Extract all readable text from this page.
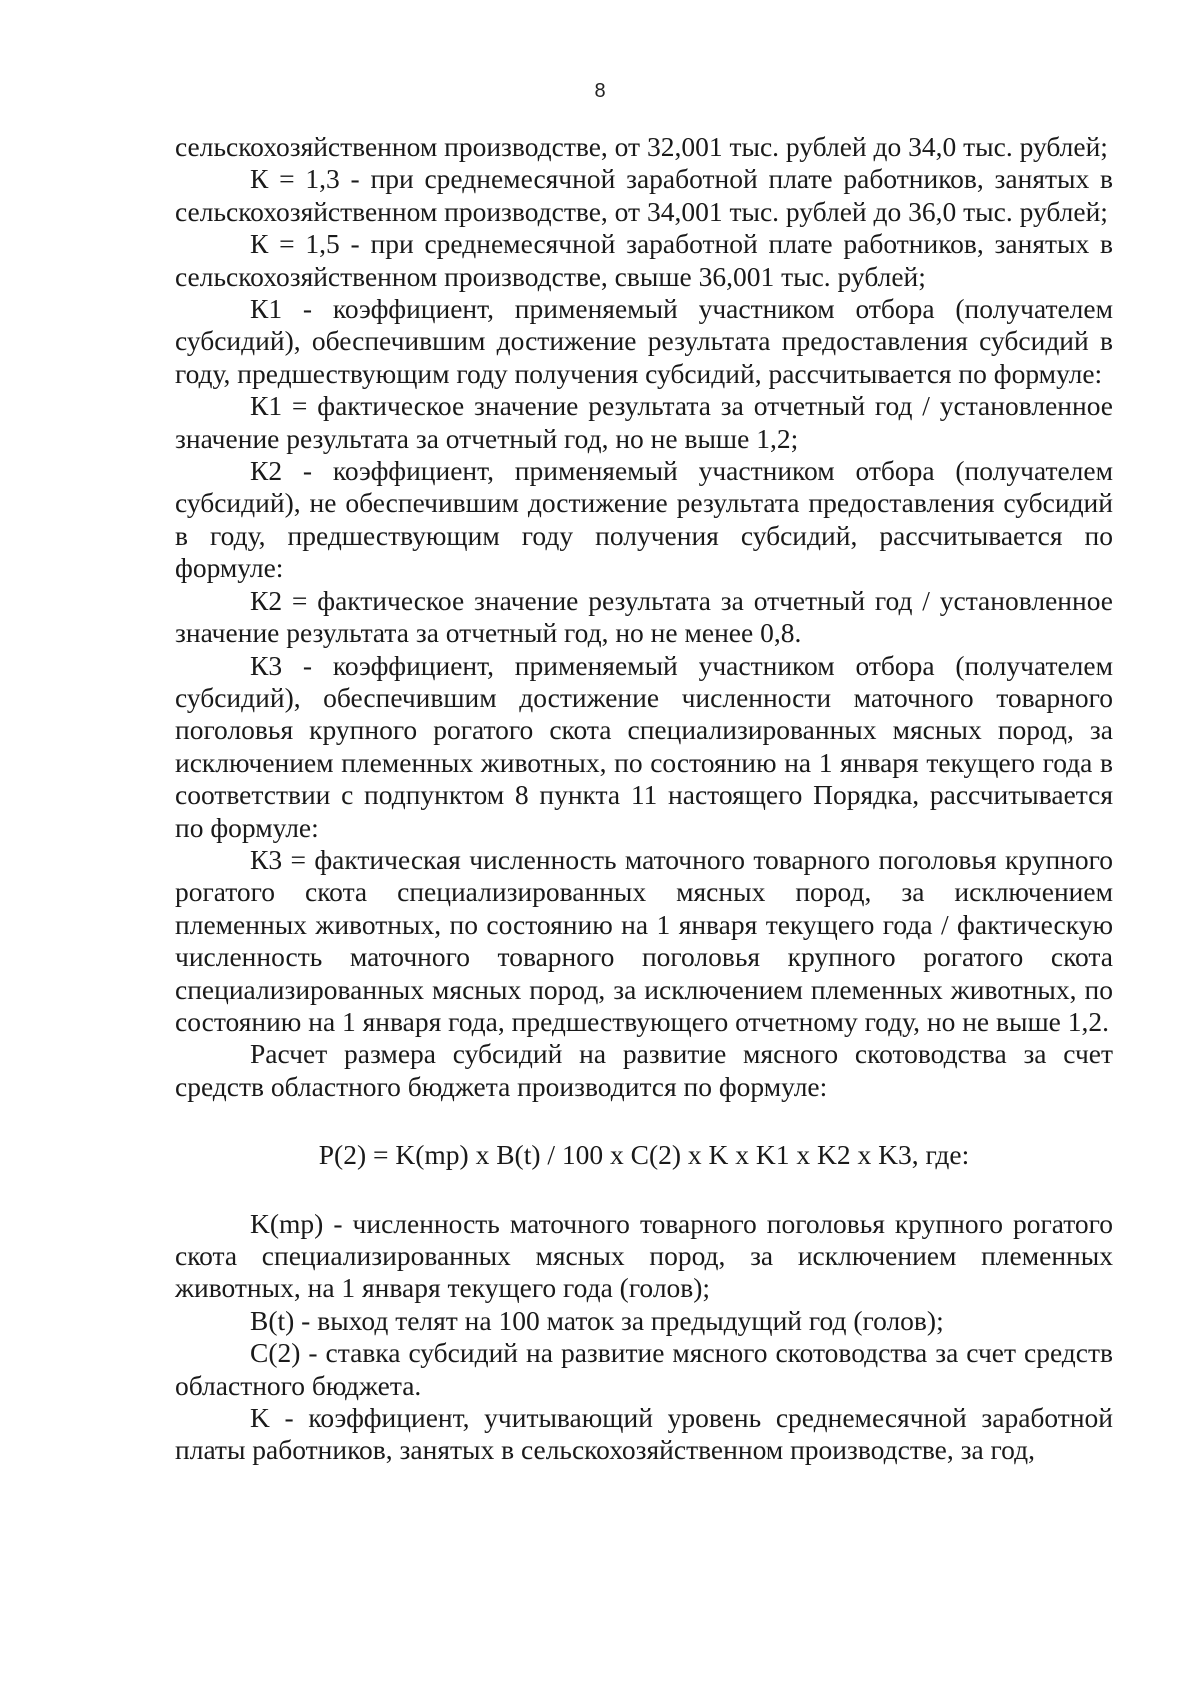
8

сельскохозяйственном производстве, от 32,001 тыс. рублей до 34,0 тыс. рублей;

К = 1,3 - при среднемесячной заработной плате работников, занятых в сельскохозяйственном производстве, от 34,001 тыс. рублей до 36,0 тыс. рублей;

К = 1,5 - при среднемесячной заработной плате работников, занятых в сельскохозяйственном производстве, свыше 36,001 тыс. рублей;

К1 - коэффициент, применяемый участником отбора (получателем субсидий), обеспечившим достижение результата предоставления субсидий в году, предшествующим году получения субсидий, рассчитывается по формуле:

К1 = фактическое значение результата за отчетный год / установленное значение результата за отчетный год, но не выше 1,2;

К2 - коэффициент, применяемый участником отбора (получателем субсидий), не обеспечившим достижение результата предоставления субсидий в году, предшествующим году получения субсидий, рассчитывается по формуле:

К2 = фактическое значение результата за отчетный год / установленное значение результата за отчетный год, но не менее 0,8.

К3 - коэффициент, применяемый участником отбора (получателем субсидий), обеспечившим достижение численности маточного товарного поголовья крупного рогатого скота специализированных мясных пород, за исключением племенных животных, по состоянию на 1 января текущего года в соответствии с подпунктом 8 пункта 11 настоящего Порядка, рассчитывается по формуле:

К3 = фактическая численность маточного товарного поголовья крупного рогатого скота специализированных мясных пород, за исключением племенных животных, по состоянию на 1 января текущего года / фактическую численность маточного товарного поголовья крупного рогатого скота специализированных мясных пород, за исключением племенных животных, по состоянию на 1 января года, предшествующего отчетному году, но не выше 1,2.

Расчет размера субсидий на развитие мясного скотоводства за счет средств областного бюджета производится по формуле:

P(2) = K(mp) x B(t) / 100 x C(2) x K x K1 x K2 x K3, где:

K(mp) - численность маточного товарного поголовья крупного рогатого скота специализированных мясных пород, за исключением племенных животных, на 1 января текущего года (голов);

B(t) - выход телят на 100 маток за предыдущий год (голов);

C(2) - ставка субсидий на развитие мясного скотоводства за счет средств областного бюджета.

K - коэффициент, учитывающий уровень среднемесячной заработной платы работников, занятых в сельскохозяйственном производстве, за год,
